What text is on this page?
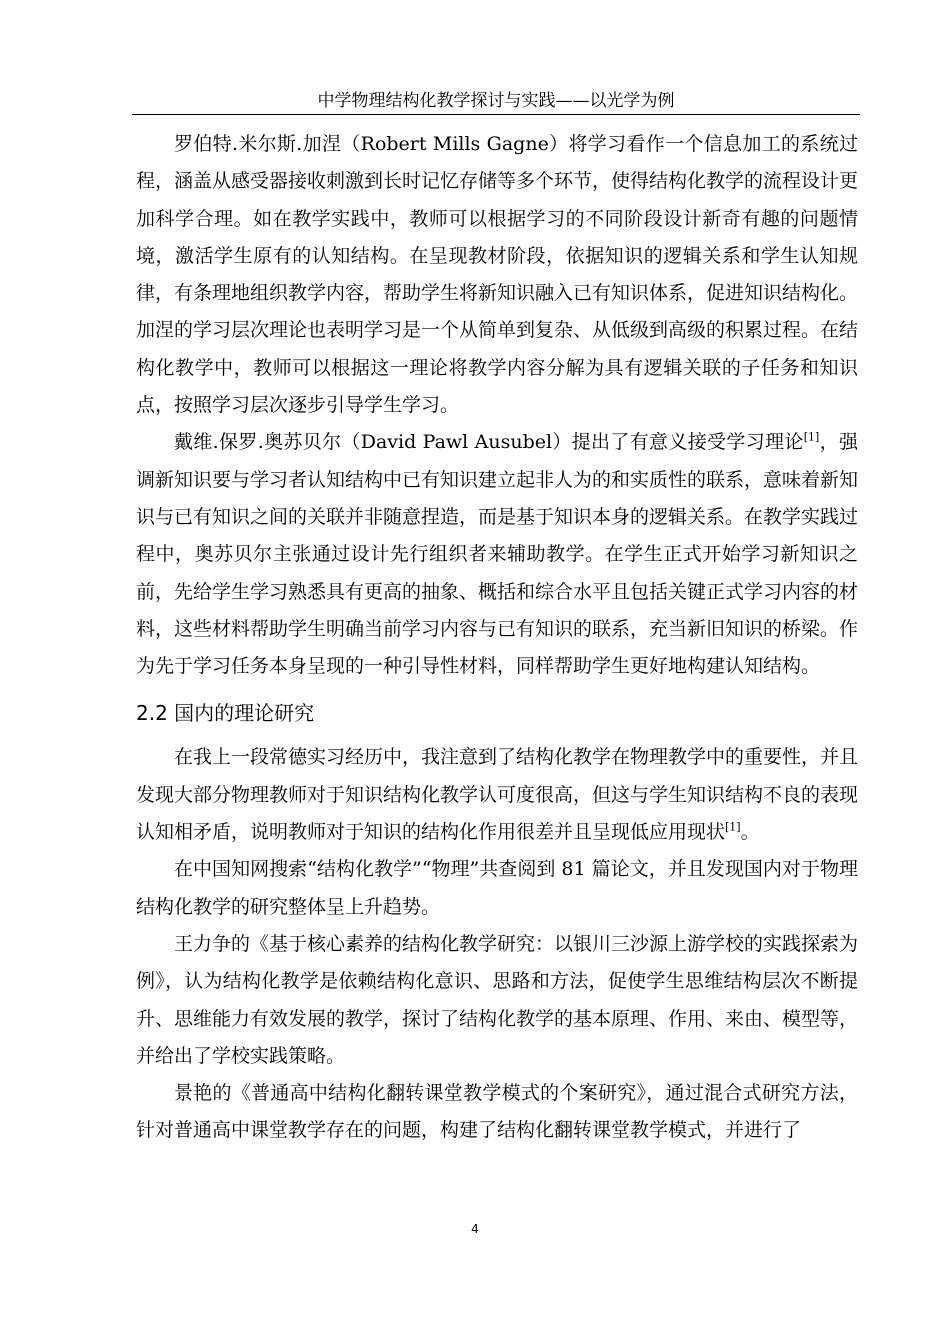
中学物理结构化教学探讨与实践——以光学为例

罗伯特.米尔斯.加涅（Robert Mills Gagne）将学习看作一个信息加工的系统过程，涵盖从感受器接收刺激到长时记忆存储等多个环节，使得结构化教学的流程设计更加科学合理。如在教学实践中，教师可以根据学习的不同阶段设计新奇有趣的问题情境，激活学生原有的认知结构。在呈现教材阶段，依据知识的逻辑关系和学生认知规律，有条理地组织教学内容，帮助学生将新知识融入已有知识体系，促进知识结构化。加涅的学习层次理论也表明学习是一个从简单到复杂、从低级到高级的积累过程。在结构化教学中，教师可以根据这一理论将教学内容分解为具有逻辑关联的子任务和知识点，按照学习层次逐步引导学生学习。

戴维.保罗.奥苏贝尔（David Pawl Ausubel）提出了有意义接受学习理论[1]，强调新知识要与学习者认知结构中已有知识建立起非人为的和实质性的联系，意味着新知识与已有知识之间的关联并非随意捏造，而是基于知识本身的逻辑关系。在教学实践过程中，奥苏贝尔主张通过设计先行组织者来辅助教学。在学生正式开始学习新知识之前，先给学生学习熟悉具有更高的抽象、概括和综合水平且包括关键正式学习内容的材料，这些材料帮助学生明确当前学习内容与已有知识的联系，充当新旧知识的桥梁。作为先于学习任务本身呈现的一种引导性材料，同样帮助学生更好地构建认知结构。

2.2 国内的理论研究

在我上一段常德实习经历中，我注意到了结构化教学在物理教学中的重要性，并且发现大部分物理教师对于知识结构化教学认可度很高，但这与学生知识结构不良的表现认知相矛盾，说明教师对于知识的结构化作用很差并且呈现低应用现状[1]。

在中国知网搜索“结构化教学”“物理”共查阅到 81 篇论文，并且发现国内对于物理结构化教学的研究整体呈上升趋势。

王力争的《基于核心素养的结构化教学研究：以银川三沙源上游学校的实践探索为例》，认为结构化教学是依赖结构化意识、思路和方法，促使学生思维结构层次不断提升、思维能力有效发展的教学，探讨了结构化教学的基本原理、作用、来由、模型等，并给出了学校实践策略。

景艳的《普通高中结构化翻转课堂教学模式的个案研究》，通过混合式研究方法，针对普通高中课堂教学存在的问题，构建了结构化翻转课堂教学模式，并进行了

4
